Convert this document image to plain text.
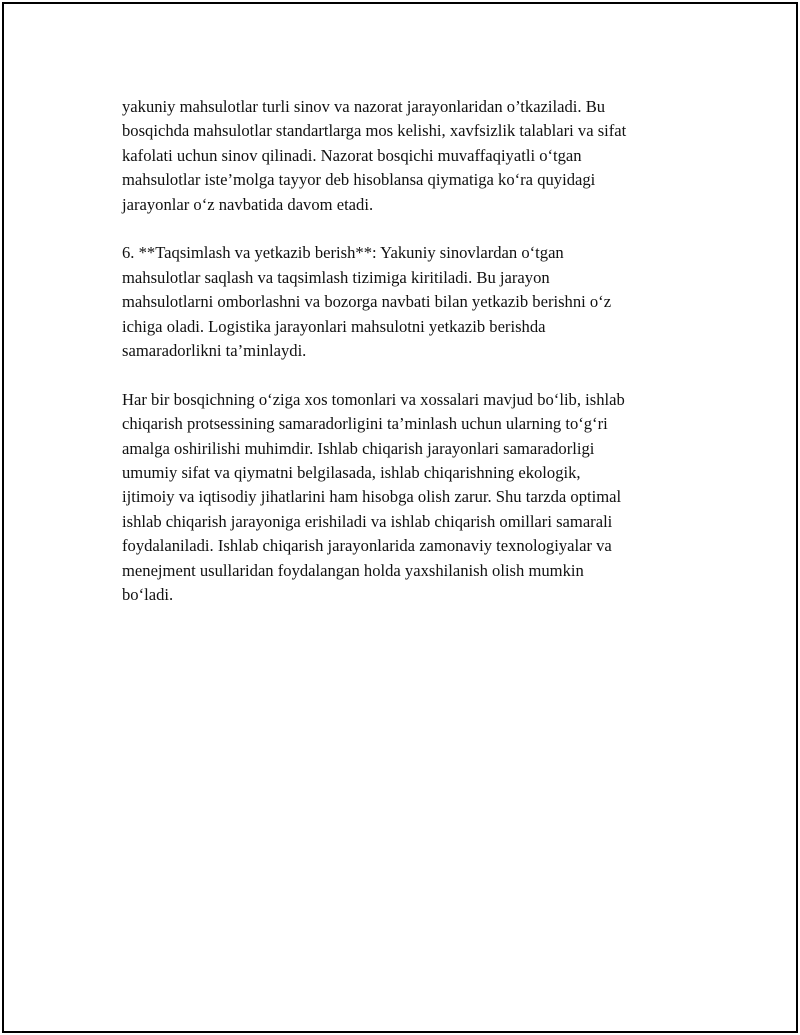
yakuniy mahsulotlar turli sinov va nazorat jarayonlaridan o’tkaziladi. Bu
bosqichda mahsulotlar standartlarga mos kelishi, xavfsizlik talablari va sifat
kafolati uchun sinov qilinadi. Nazorat bosqichi muvaffaqiyatli o‘tgan
mahsulotlar iste’molga tayyor deb hisoblansa qiymatiga ko‘ra quyidagi
jarayonlar o‘z navbatida davom etadi.

6. **Taqsimlash va yetkazib berish**: Yakuniy sinovlardan o‘tgan
mahsulotlar saqlash va taqsimlash tizimiga kiritiladi. Bu jarayon
mahsulotlarni omborlashni va bozorga navbati bilan yetkazib berishni o‘z
ichiga oladi. Logistika jarayonlari mahsulotni yetkazib berishda
samaradorlikni ta’minlaydi.

Har bir bosqichning o‘ziga xos tomonlari va xossalari mavjud bo‘lib, ishlab
chiqarish protsessining samaradorligini ta’minlash uchun ularning to‘g‘ri
amalga oshirilishi muhimdir. Ishlab chiqarish jarayonlari samaradorligi
umumiy sifat va qiymatni belgilasada, ishlab chiqarishning ekologik,
ijtimoiy va iqtisodiy jihatlarini ham hisobga olish zarur. Shu tarzda optimal
ishlab chiqarish jarayoniga erishiladi va ishlab chiqarish omillari samarali
foydalaniladi. Ishlab chiqarish jarayonlarida zamonaviy texnologiyalar va
menejment usullaridan foydalangan holda yaxshilanish olish mumkin
bo‘ladi.
